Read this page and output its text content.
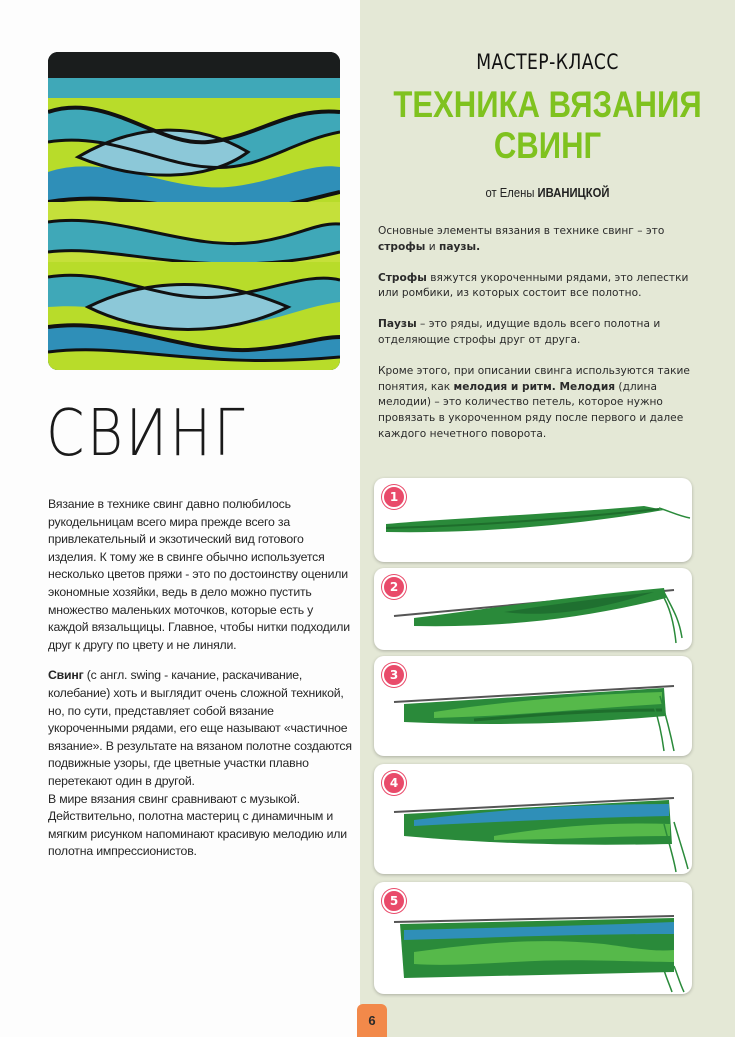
СВИНГ

Вязание в технике свинг давно полюбилось рукодельницам всего мира прежде всего за привлекательный и экзотический вид готового изделия. К тому же в свинге обычно используется несколько цветов пряжи - это по достоинству оценили экономные хозяйки, ведь в дело можно пустить множество маленьких моточков, которые есть у каждой вязальщицы. Главное, чтобы нитки подходили друг к другу по цвету и не линяли.

Свинг (с англ. swing - качание, раскачивание, колебание) хоть и выглядит очень сложной техникой, но, по сути, представляет собой вязание укороченными рядами, его еще называют «частичное вязание». В результате на вязаном полотне создаются подвижные узоры, где цветные участки плавно перетекают один в другой.
В мире вязания свинг сравнивают с музыкой. Действительно, полотна мастериц с динамичным и мягким рисунком напоминают красивую мелодию или полотна импрессионистов.

МАСТЕР-КЛАСС
ТЕХНИКА ВЯЗАНИЯ
СВИНГ
от Елены ИВАНИЦКОЙ

Основные элементы вязания в технике свинг – это строфы и паузы.

Строфы вяжутся укороченными рядами, это лепестки или ромбики, из которых состоит все полотно.

Паузы – это ряды, идущие вдоль всего полотна и отделяющие строфы друг от друга.

Кроме этого, при описании свинга используются такие понятия, как мелодия и ритм. Мелодия (длина мелодии) – это количество петель, которое нужно провязать в укороченном ряду после первого и далее каждого нечетного поворота.

1
2
3
4
5
6
